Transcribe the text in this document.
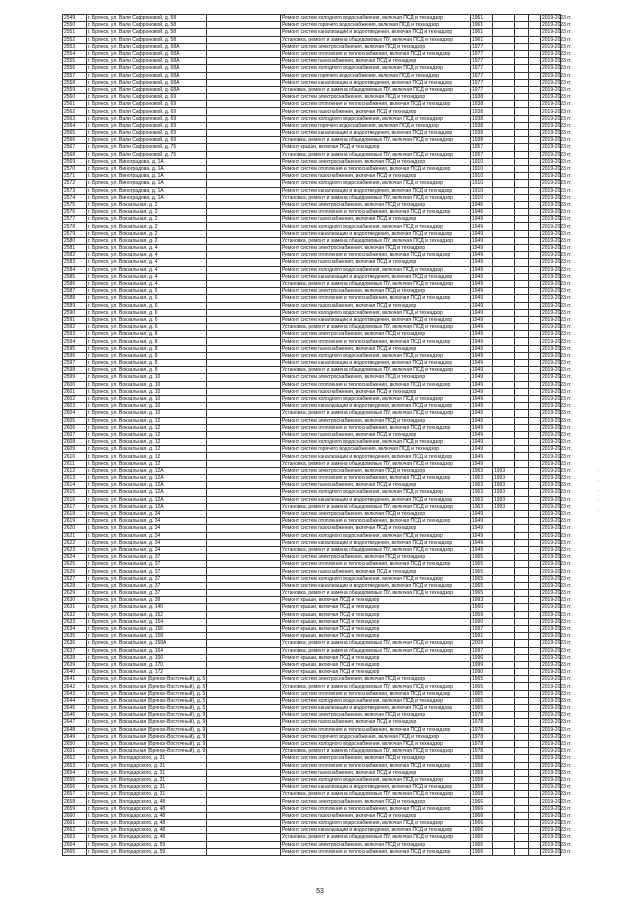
2549	г. Брянск, ул. Вали Сафроновой, д. 58		Ремонт систем холодного водоснабжения, включая ПСД и технадзор	1961				2019-2023 гг.
2550	г. Брянск, ул. Вали Сафроновой, д. 58		Ремонт систем горячего водоснабжения, включая ПСД и технадзор	1961				2019-2023 гг.
2551	г. Брянск, ул. Вали Сафроновой, д. 58		Ремонт систем канализации и водоотведения, включая ПСД и технадзор	1961				2019-2023 гг.
2552	г. Брянск, ул. Вали Сафроновой, д. 58		Установка, ремонт и замена общедомовых ПУ, включая ПСД и технадзор	1961				2019-2023 гг.
2553	г. Брянск, ул. Вали Сафроновой, д. 68А		Ремонт систем электроснабжения, включая ПСД и технадзор	1977				2019-2023 гг.
2554	г. Брянск, ул. Вали Сафроновой, д. 68А		Ремонт систем отопления и теплоснабжения, включая ПСД и технадзор	1977				2019-2023 гг.
2555	г. Брянск, ул. Вали Сафроновой, д. 68А		Ремонт систем газоснабжения, включая ПСД и технадзор	1977				2019-2023 гг.
2556	г. Брянск, ул. Вали Сафроновой, д. 68А		Ремонт систем холодного водоснабжения, включая ПСД и технадзор	1977				2019-2023 гг.
2557	г. Брянск, ул. Вали Сафроновой, д. 68А		Ремонт систем горячего водоснабжения, включая ПСД и технадзор	1977				2019-2023 гг.
2558	г. Брянск, ул. Вали Сафроновой, д. 68А		Ремонт систем канализации и водоотведения, включая ПСД и технадзор	1977				2019-2023 гг.
2559	г. Брянск, ул. Вали Сафроновой, д. 68А		Установка, ремонт и замена общедомовых ПУ, включая ПСД и технадзор	1977				2019-2023 гг.
2560	г. Брянск, ул. Вали Сафроновой, д. 69		Ремонт систем электроснабжения, включая ПСД и технадзор	1938				2019-2023 гг.
2561	г. Брянск, ул. Вали Сафроновой, д. 69		Ремонт систем отопления и теплоснабжения, включая ПСД и технадзор	1938				2019-2023 гг.
2562	г. Брянск, ул. Вали Сафроновой, д. 69		Ремонт систем газоснабжения, включая ПСД и технадзор	1938				2019-2023 гг.
2563	г. Брянск, ул. Вали Сафроновой, д. 69		Ремонт систем холодного водоснабжения, включая ПСД и технадзор	1938				2019-2023 гг.
2564	г. Брянск, ул. Вали Сафроновой, д. 69		Ремонт систем горячего водоснабжения, включая ПСД и технадзор	1938				2019-2023 гг.
2565	г. Брянск, ул. Вали Сафроновой, д. 69		Ремонт систем канализации и водоотведения, включая ПСД и технадзор	1938				2019-2023 гг.
2566	г. Брянск, ул. Вали Сафроновой, д. 69		Установка, ремонт и замена общедомовых ПУ, включая ПСД и технадзор	1938				2019-2023 гг.
2567	г. Брянск, ул. Вали Сафроновой, д. 75		Ремонт крыши, включая ПСД и технадзор	1957				2019-2023 гг.
2568	г. Брянск, ул. Вали Сафроновой, д. 75		Установка, ремонт и замена общедомовых ПУ, включая ПСД и технадзор	1957				2019-2023 гг.
2569	г. Брянск, ул. Виноградова, д. 1А		Ремонт систем электроснабжения, включая ПСД и технадзор	1910				2019-2023 гг.
2570	г. Брянск, ул. Виноградова, д. 1А		Ремонт систем отопления и теплоснабжения, включая ПСД и технадзор	1910				2019-2023 гг.
2571	г. Брянск, ул. Виноградова, д. 1А		Ремонт систем газоснабжения, включая ПСД и технадзор	1910				2019-2023 гг.
2572	г. Брянск, ул. Виноградова, д. 1А		Ремонт систем холодного водоснабжения, включая ПСД и технадзор	1910				2019-2023 гг.
2573	г. Брянск, ул. Виноградова, д. 1А		Ремонт систем канализации и водоотведения, включая ПСД и технадзор	1910				2019-2023 гг.
2574	г. Брянск, ул. Виноградова, д. 1А		Установка, ремонт и замена общедомовых ПУ, включая ПСД и технадзор	1910				2019-2023 гг.
2575	г. Брянск, ул. Вокзальная, д. 2		Ремонт систем электроснабжения, включая ПСД и технадзор	1946				2019-2023 гг.
2576	г. Брянск, ул. Вокзальная, д. 2		Ремонт систем отопления и теплоснабжения, включая ПСД и технадзор	1946				2019-2023 гг.
2577	г. Брянск, ул. Вокзальная, д. 2		Ремонт систем газоснабжения, включая ПСД и технадзор	1949				2019-2023 гг.
2578	г. Брянск, ул. Вокзальная, д. 2		Ремонт систем холодного водоснабжения, включая ПСД и технадзор	1949				2019-2023 гг.
2579	г. Брянск, ул. Вокзальная, д. 2		Ремонт систем канализации и водоотведения, включая ПСД и технадзор	1949				2019-2023 гг.
2580	г. Брянск, ул. Вокзальная, д. 2		Установка, ремонт и замена общедомовых ПУ, включая ПСД и технадзор	1949				2019-2023 гг.
2581	г. Брянск, ул. Вокзальная, д. 4		Ремонт систем электроснабжения, включая ПСД и технадзор	1949				2019-2023 гг.
2582	г. Брянск, ул. Вокзальная, д. 4		Ремонт систем отопления и теплоснабжения, включая ПСД и технадзор	1949				2019-2023 гг.
2583	г. Брянск, ул. Вокзальная, д. 4		Ремонт систем газоснабжения, включая ПСД и технадзор	1949				2019-2023 гг.
2584	г. Брянск, ул. Вокзальная, д. 4		Ремонт систем холодного водоснабжения, включая ПСД и технадзор	1949				2019-2023 гг.
2585	г. Брянск, ул. Вокзальная, д. 4		Ремонт систем канализации и водоотведения, включая ПСД и технадзор	1949				2019-2023 гг.
2586	г. Брянск, ул. Вокзальная, д. 4		Установка, ремонт и замена общедомовых ПУ, включая ПСД и технадзор	1949				2019-2023 гг.
2587	г. Брянск, ул. Вокзальная, д. 6		Ремонт систем электроснабжения, включая ПСД и технадзор	1949				2019-2023 гг.
2588	г. Брянск, ул. Вокзальная, д. 6		Ремонт систем отопления и теплоснабжения, включая ПСД и технадзор	1949				2019-2023 гг.
2589	г. Брянск, ул. Вокзальная, д. 6		Ремонт систем газоснабжения, включая ПСД и технадзор	1949				2019-2023 гг.
2590	г. Брянск, ул. Вокзальная, д. 6		Ремонт систем холодного водоснабжения, включая ПСД и технадзор	1949				2019-2023 гг.
2591	г. Брянск, ул. Вокзальная, д. 6		Ремонт систем канализации и водоотведения, включая ПСД и технадзор	1949				2019-2023 гг.
2592	г. Брянск, ул. Вокзальная, д. 6		Установка, ремонт и замена общедомовых ПУ, включая ПСД и технадзор	1949				2019-2023 гг.
2593	г. Брянск, ул. Вокзальная, д. 8		Ремонт систем электроснабжения, включая ПСД и технадзор	1949				2019-2023 гг.
2594	г. Брянск, ул. Вокзальная, д. 8		Ремонт систем отопления и теплоснабжения, включая ПСД и технадзор	1949				2019-2023 гг.
2595	г. Брянск, ул. Вокзальная, д. 8		Ремонт систем газоснабжения, включая ПСД и технадзор	1949				2019-2023 гг.
2596	г. Брянск, ул. Вокзальная, д. 8		Ремонт систем холодного водоснабжения, включая ПСД и технадзор	1949				2019-2023 гг.
2597	г. Брянск, ул. Вокзальная, д. 8		Ремонт систем канализации и водоотведения, включая ПСД и технадзор	1949				2019-2023 гг.
2598	г. Брянск, ул. Вокзальная, д. 8		Установка, ремонт и замена общедомовых ПУ, включая ПСД и технадзор	1949				2019-2023 гг.
2599	г. Брянск, ул. Вокзальная, д. 10		Ремонт систем электроснабжения, включая ПСД и технадзор	1949				2019-2023 гг.
2600	г. Брянск, ул. Вокзальная, д. 10		Ремонт систем отопления и теплоснабжения, включая ПСД и технадзор	1949				2019-2023 гг.
2601	г. Брянск, ул. Вокзальная, д. 10		Ремонт систем газоснабжения, включая ПСД и технадзор	1949				2019-2023 гг.
2602	г. Брянск, ул. Вокзальная, д. 10		Ремонт систем холодного водоснабжения, включая ПСД и технадзор	1949				2019-2023 гг.
2603	г. Брянск, ул. Вокзальная, д. 10		Ремонт систем канализации и водоотведения, включая ПСД и технадзор	1949				2019-2023 гг.
2604	г. Брянск, ул. Вокзальная, д. 10		Установка, ремонт и замена общедомовых ПУ, включая ПСД и технадзор	1949				2019-2023 гг.
2605	г. Брянск, ул. Вокзальная, д. 12		Ремонт систем электроснабжения, включая ПСД и технадзор	1949				2019-2023 гг.
2606	г. Брянск, ул. Вокзальная, д. 12		Ремонт систем отопления и теплоснабжения, включая ПСД и технадзор	1949				2019-2023 гг.
2607	г. Брянск, ул. Вокзальная, д. 12		Ремонт систем газоснабжения, включая ПСД и технадзор	1949				2019-2023 гг.
2608	г. Брянск, ул. Вокзальная, д. 12		Ремонт систем холодного водоснабжения, включая ПСД и технадзор	1949				2019-2023 гг.
2609	г. Брянск, ул. Вокзальная, д. 12		Ремонт систем горячего водоснабжения, включая ПСД и технадзор	1949				2019-2023 гг.
2610	г. Брянск, ул. Вокзальная, д. 12		Ремонт систем канализации и водоотведения, включая ПСД и технадзор	1949				2019-2023 гг.
2611	г. Брянск, ул. Вокзальная, д. 12		Установка, ремонт и замена общедомовых ПУ, включая ПСД и технадзор	1949				2019-2023 гг.
2612	г. Брянск, ул. Вокзальная, д. 12А		Ремонт систем электроснабжения, включая ПСД и технадзор	1963	1993			2019-2023 гг.
2613	г. Брянск, ул. Вокзальная, д. 12А		Ремонт систем отопления и теплоснабжения, включая ПСД и технадзор	1963	1993			2019-2023 гг.
2614	г. Брянск, ул. Вокзальная, д. 12А		Ремонт систем газоснабжения, включая ПСД и технадзор	1963	1993			2019-2023 гг.
2615	г. Брянск, ул. Вокзальная, д. 12А		Ремонт систем холодного водоснабжения, включая ПСД и технадзор	1963	1993			2019-2023 гг.
2616	г. Брянск, ул. Вокзальная, д. 12А		Ремонт систем канализации и водоотведения, включая ПСД и технадзор	1963	1993			2019-2023 гг.
2617	г. Брянск, ул. Вокзальная, д. 12А		Установка, ремонт и замена общедомовых ПУ, включая ПСД и технадзор	1963	1993			2019-2023 гг.
2618	г. Брянск, ул. Вокзальная, д. 34		Ремонт систем электроснабжения, включая ПСД и технадзор	1949				2019-2023 гг.
2619	г. Брянск, ул. Вокзальная, д. 34		Ремонт систем отопления и теплоснабжения, включая ПСД и технадзор	1949				2019-2023 гг.
2620	г. Брянск, ул. Вокзальная, д. 34		Ремонт систем газоснабжения, включая ПСД и технадзор	1949				2019-2023 гг.
2621	г. Брянск, ул. Вокзальная, д. 34		Ремонт систем холодного водоснабжения, включая ПСД и технадзор	1949				2019-2023 гг.
2622	г. Брянск, ул. Вокзальная, д. 34		Ремонт систем канализации и водоотведения, включая ПСД и технадзор	1949				2019-2023 гг.
2623	г. Брянск, ул. Вокзальная, д. 34		Установка, ремонт и замена общедомовых ПУ, включая ПСД и технадзор	1949				2019-2023 гг.
2624	г. Брянск, ул. Вокзальная, д. 37		Ремонт систем электроснабжения, включая ПСД и технадзор	1965				2019-2023 гг.
2625	г. Брянск, ул. Вокзальная, д. 37		Ремонт систем отопления и теплоснабжения, включая ПСД и технадзор	1965				2019-2023 гг.
2626	г. Брянск, ул. Вокзальная, д. 37		Ремонт систем газоснабжения, включая ПСД и технадзор	1965				2019-2023 гг.
2627	г. Брянск, ул. Вокзальная, д. 37		Ремонт систем холодного водоснабжения, включая ПСД и технадзор	1965				2019-2023 гг.
2628	г. Брянск, ул. Вокзальная, д. 37		Ремонт систем канализации и водоотведения, включая ПСД и технадзор	1965				2019-2023 гг.
2629	г. Брянск, ул. Вокзальная, д. 37		Установка, ремонт и замена общедомовых ПУ, включая ПСД и технадзор	1965				2019-2023 гг.
2630	г. Брянск, ул. Вокзальная, д. 39		Ремонт крыши, включая ПСД и технадзор	1993				2019-2023 гг.
2631	г. Брянск, ул. Вокзальная, д. 140		Ремонт крыши, включая ПСД и технадзор	1960				2019-2023 гг.
2632	г. Брянск, ул. Вокзальная, д. 152		Ремонт крыши, включая ПСД и технадзор	1959				2019-2023 гг.
2633	г. Брянск, ул. Вокзальная, д. 154		Ремонт крыши, включая ПСД и технадзор	1990				2019-2023 гг.
2634	г. Брянск, ул. Вокзальная, д. 156		Ремонт крыши, включая ПСД и технадзор	1997				2019-2023 гг.
2635	г. Брянск, ул. Вокзальная, д. 158		Ремонт крыши, включая ПСД и технадзор	1991				2019-2023 гг.
2636	г. Брянск, ул. Вокзальная, д. 158А		Установка, ремонт и замена общедомовых ПУ, включая ПСД и технадзор	2009				2019-2023 гг.
2637	г. Брянск, ул. Вокзальная, д. 164		Установка, ремонт и замена общедомовых ПУ, включая ПСД и технадзор	1997				2019-2023 гг.
2638	г. Брянск, ул. Вокзальная, д. 166		Ремонт крыши, включая ПСД и технадзор	1996				2019-2023 гг.
2639	г. Брянск, ул. Вокзальная, д. 170		Ремонт крыши, включая ПСД и технадзор	1999				2019-2023 гг.
2640	г. Брянск, ул. Вокзальная, д. 172		Ремонт крыши, включая ПСД и технадзор	1990				2019-2023 гг.
2641	г. Брянск, ул. Вокзальная (Брянск-Восточный), д. 5		Ремонт систем электроснабжения, включая ПСД и технадзор	1965				2019-2023 гг.
2642	г. Брянск, ул. Вокзальная (Брянск-Восточный), д. 5		Установка, ремонт и замена общедомовых ПУ, включая ПСД и технадзор	1965				2019-2023 гг.
2643	г. Брянск, ул. Вокзальная (Брянск-Восточный), д. 5		Ремонт систем отопления и теплоснабжения, включая ПСД и технадзор	1965				2019-2023 гг.
2644	г. Брянск, ул. Вокзальная (Брянск-Восточный), д. 5		Ремонт систем холодного водоснабжения, включая ПСД и технадзор	1965				2019-2023 гг.
2645	г. Брянск, ул. Вокзальная (Брянск-Восточный), д. 5		Ремонт систем канализации и водоотведения, включая ПСД и технадзор	1965				2019-2023 гг.
2646	г. Брянск, ул. Вокзальная (Брянск-Восточный), д. 9		Ремонт систем электроснабжения, включая ПСД и технадзор	1978				2019-2023 гг.
2647	г. Брянск, ул. Вокзальная (Брянск-Восточный), д. 9		Ремонт систем газоснабжения, включая ПСД и технадзор	1978				2019-2023 гг.
2648	г. Брянск, ул. Вокзальная (Брянск-Восточный), д. 9		Ремонт систем отопления и теплоснабжения, включая ПСД и технадзор	1978				2019-2023 гг.
2649	г. Брянск, ул. Вокзальная (Брянск-Восточный), д. 9		Ремонт систем горячего водоснабжения, включая ПСД и технадзор	1978				2019-2023 гг.
2650	г. Брянск, ул. Вокзальная (Брянск-Восточный), д. 9		Ремонт систем холодного водоснабжения, включая ПСД и технадзор	1978				2019-2023 гг.
2651	г. Брянск, ул. Вокзальная (Брянск-Восточный), д. 9		Установка, ремонт и замена общедомовых ПУ, включая ПСД и технадзор	1978				2019-2023 гг.
2652	г. Брянск, ул. Володарского, д. 31		Ремонт систем электроснабжения, включая ПСД и технадзор	1958				2019-2023 гг.
2653	г. Брянск, ул. Володарского, д. 31		Ремонт систем отопления и теплоснабжения, включая ПСД и технадзор	1958				2019-2023 гг.
2654	г. Брянск, ул. Володарского, д. 31		Ремонт систем газоснабжения, включая ПСД и технадзор	1958				2019-2023 гг.
2655	г. Брянск, ул. Володарского, д. 31		Ремонт систем холодного водоснабжения, включая ПСД и технадзор	1958				2019-2023 гг.
2656	г. Брянск, ул. Володарского, д. 31		Ремонт систем канализации и водоотведения, включая ПСД и технадзор	1958				2019-2023 гг.
2657	г. Брянск, ул. Володарского, д. 31		Установка, ремонт и замена общедомовых ПУ, включая ПСД и технадзор	1958				2019-2023 гг.
2658	г. Брянск, ул. Володарского, д. 48		Ремонт систем электроснабжения, включая ПСД и технадзор	1966				2019-2023 гг.
2659	г. Брянск, ул. Володарского, д. 48		Ремонт систем отопления и теплоснабжения, включая ПСД и технадзор	1966				2019-2023 гг.
2660	г. Брянск, ул. Володарского, д. 48		Ремонт систем газоснабжения, включая ПСД и технадзор	1966				2019-2023 гг.
2661	г. Брянск, ул. Володарского, д. 48		Ремонт систем холодного водоснабжения, включая ПСД и технадзор	1966				2019-2023 гг.
2662	г. Брянск, ул. Володарского, д. 48		Ремонт систем канализации и водоотведения, включая ПСД и технадзор	1966				2019-2023 гг.
2663	г. Брянск, ул. Володарского, д. 48		Установка, ремонт и замена общедомовых ПУ, включая ПСД и технадзор	1966				2019-2023 гг.
2664	г. Брянск, ул. Володарского, д. 59		Ремонт систем электроснабжения, включая ПСД и технадзор	1966				2019-2023 гг.
2665	г. Брянск, ул. Володарского, д. 59		Ремонт систем отопления и теплоснабжения, включая ПСД и технадзор	1966				2019-2023 гг.
·
·
·
·
·
53
